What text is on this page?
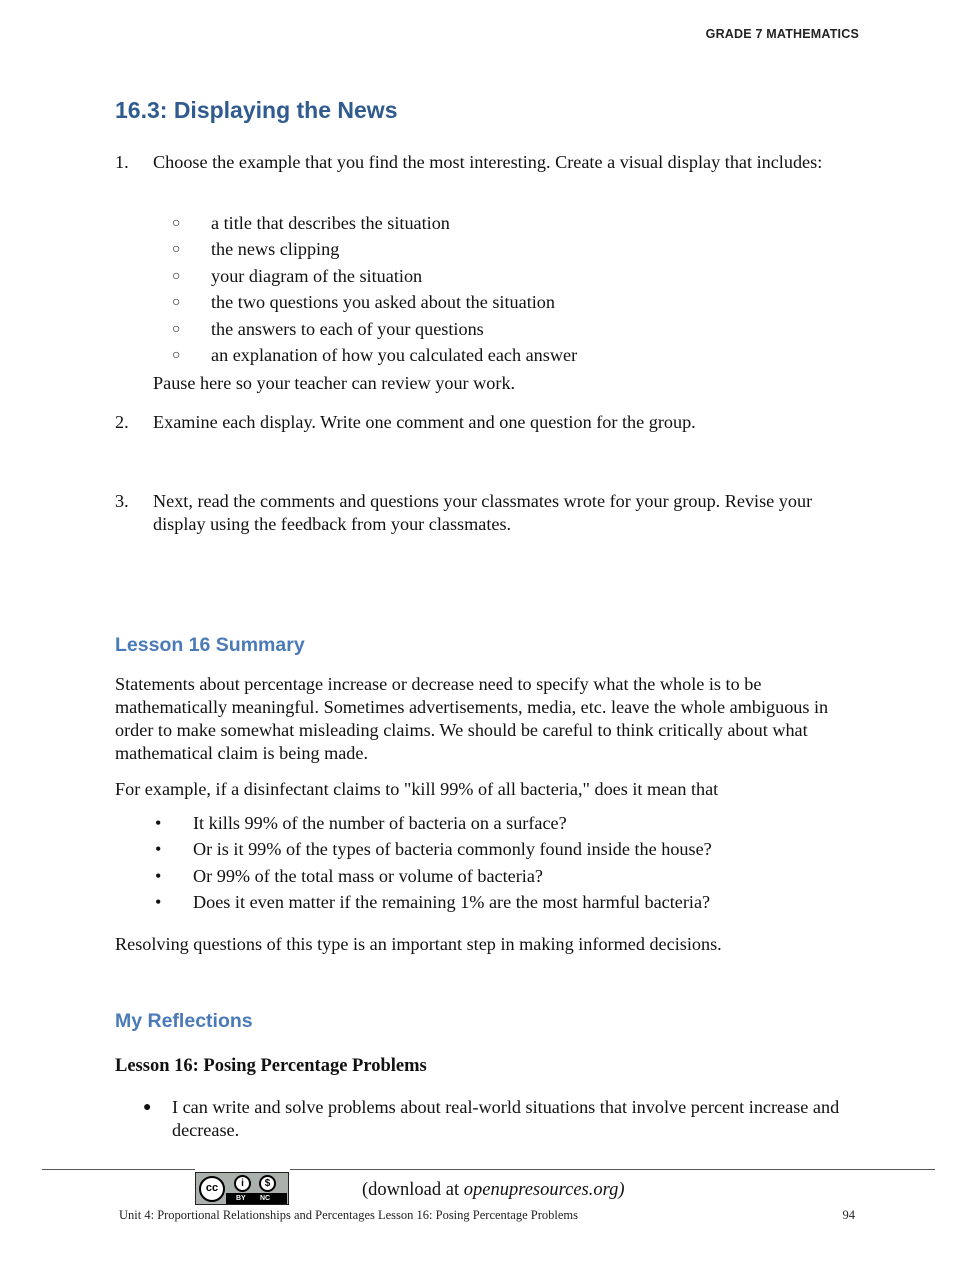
GRADE 7 MATHEMATICS
16.3: Displaying the News
1. Choose the example that you find the most interesting. Create a visual display that includes:
○ a title that describes the situation
○ the news clipping
○ your diagram of the situation
○ the two questions you asked about the situation
○ the answers to each of your questions
○ an explanation of how you calculated each answer
Pause here so your teacher can review your work.
2. Examine each display. Write one comment and one question for the group.
3. Next, read the comments and questions your classmates wrote for your group. Revise your display using the feedback from your classmates.
Lesson 16 Summary

Statements about percentage increase or decrease need to specify what the whole is to be mathematically meaningful. Sometimes advertisements, media, etc. leave the whole ambiguous in order to make somewhat misleading claims. We should be careful to think critically about what mathematical claim is being made.

For example, if a disinfectant claims to "kill 99% of all bacteria," does it mean that

• It kills 99% of the number of bacteria on a surface?
• Or is it 99% of the types of bacteria commonly found inside the house?
• Or 99% of the total mass or volume of bacteria?
• Does it even matter if the remaining 1% are the most harmful bacteria?

Resolving questions of this type is an important step in making informed decisions.

My Reflections
Lesson 16: Posing Percentage Problems
● I can write and solve problems about real-world situations that involve percent increase and decrease.
cc	i	$
BY NC	(download at openupresources.org)
Unit 4: Proportional Relationships and Percentages Lesson 16: Posing Percentage Problems	94
